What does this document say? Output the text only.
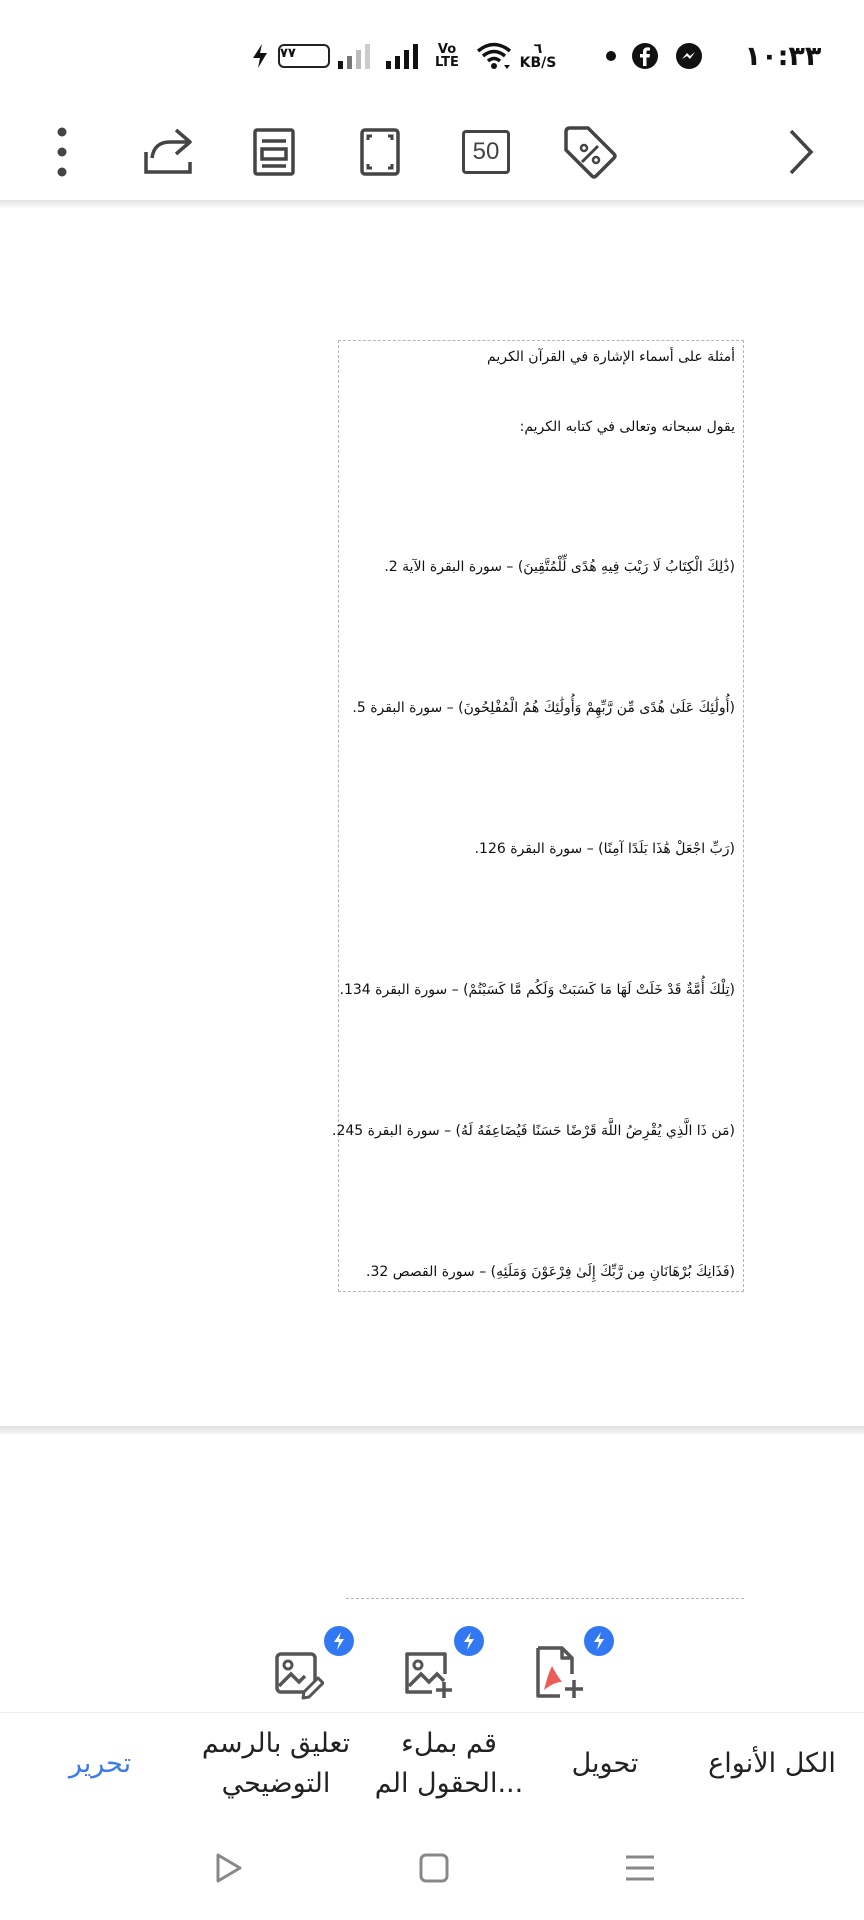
١٠:٣٣
٦
KB/S
Vo
LTE
٧٧
50
أمثلة على أسماء الإشارة في القرآن الكريم
يقول سبحانه وتعالى في كتابه الكريم:
(ذَٰلِكَ الْكِتَابُ لَا رَيْبَ فِيهِ هُدًى لِّلْمُتَّقِينَ) – سورة البقرة الآية 2.
(أُولَٰئِكَ عَلَىٰ هُدًى مِّن رَّبِّهِمْ وَأُولَٰئِكَ هُمُ الْمُفْلِحُونَ) – سورة البقرة 5.
(رَبِّ اجْعَلْ هَٰذَا بَلَدًا آمِنًا) – سورة البقرة 126.
(تِلْكَ أُمَّةٌ قَدْ خَلَتْ لَهَا مَا كَسَبَتْ وَلَكُم مَّا كَسَبْتُمْ) – سورة البقرة 134.
(مَن ذَا الَّذِي يُقْرِضُ اللَّهَ قَرْضًا حَسَنًا فَيُضَاعِفَهُ لَهُ) – سورة البقرة 245.
(فَذَانِكَ بُرْهَانَانِ مِن رَّبِّكَ إِلَىٰ فِرْعَوْنَ وَمَلَئِهِ) – سورة القصص 32.
الكل الأنواع
تحويل
قم بملء الحقول الم...
تعليق بالرسم التوضيحي
تحرير
